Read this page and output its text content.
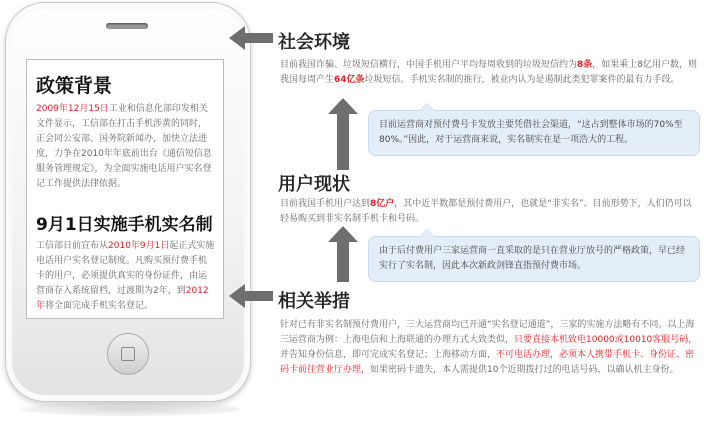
政策背景

2009年12月15日工业和信息化部印发相关文件显示，工信部在打击手机涉黄的同时，正会同公安部、国务院新闻办，加快立法进度，力争在2010年年底前出台《通信短信息服务管理规定》，为全面实施电话用户实名登记工作提供法律依据。

9月1日实施手机实名制

工信部日前宣布从2010年9月1日起正式实施电话用户实名登记制度。凡购买预付费手机卡的用户，必须提供真实的身份证件，由运营商存入系统留档，过渡期为2年，到2012年将全面完成手机实名登记。

社会环境
目前我国诈骗、垃圾短信横行，中国手机用户平均每周收到的垃圾短信约为8条，如果乘上8亿用户数，则我国每周产生64亿条垃圾短信。手机实名制的推行，被业内认为是遏制此类犯罪案件的最有力手段。
目前运营商对预付费号卡发放主要凭借社会渠道，“这占到整体市场的70%至80%。”因此，对于运营商来说，实名制实在是一项浩大的工程。
用户现状
目前我国手机用户达到8亿户，其中近半数都是预付费用户，也就是“非实名”。目前形势下，人们仍可以轻易购买到非实名制手机卡和号码。
由于后付费用户三家运营商一直采取的是只在营业厅放号的严格政策，早已经实行了实名制，因此本次新政剑锋直指预付费市场。
相关举措
针对已有非实名制预付费用户，三大运营商均已开通“实名登记通道”，三家的实施方法略有不同。以上海三运营商为例：上海电信和上海联通的办理方式大致类似，只要直接本机致电10000或10010客服号码，并告知身份信息，即可完成实名登记；上海移动方面，不可电话办理，必须本人携带手机卡、身份证、密码卡前往营业厅办理，如果密码卡遗失，本人需提供10个近期拨打过的电话号码，以确认机主身份。
